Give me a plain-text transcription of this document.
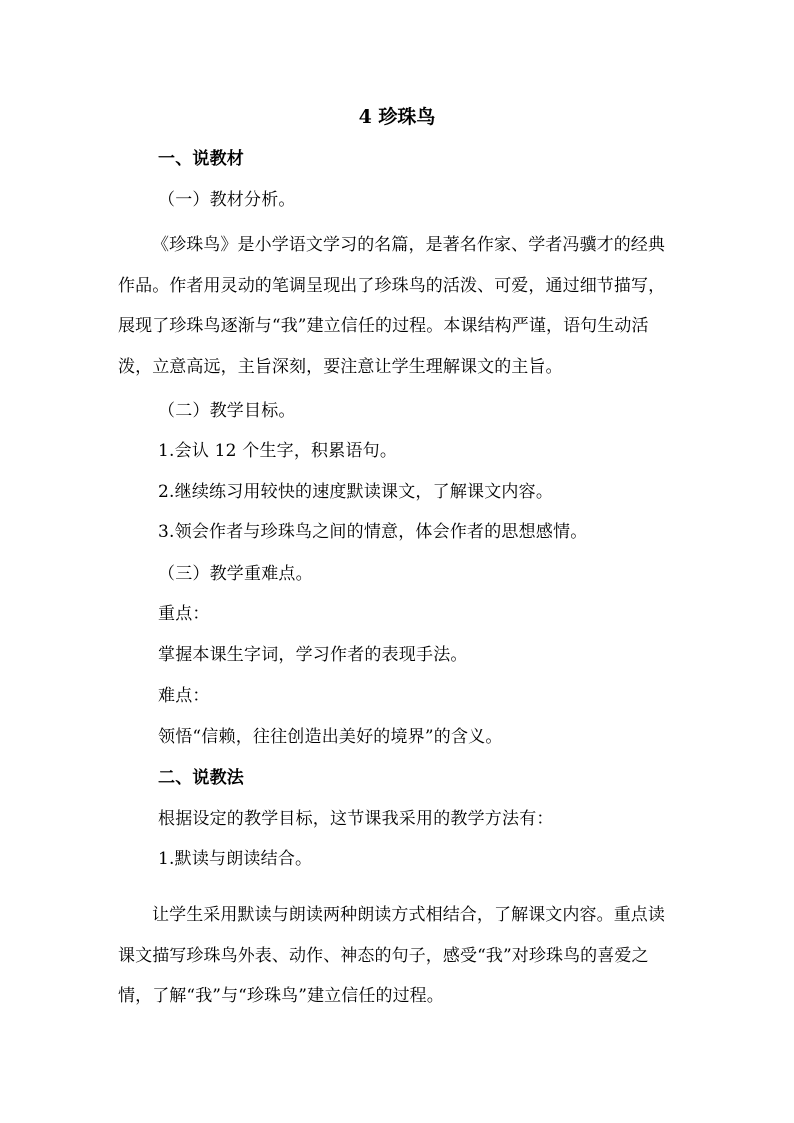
4 珍珠鸟
一、说教材
（一）教材分析。

《珍珠鸟》是小学语文学习的名篇，是著名作家、学者冯骥才的经典作品。作者用灵动的笔调呈现出了珍珠鸟的活泼、可爱，通过细节描写，展现了珍珠鸟逐渐与“我”建立信任的过程。本课结构严谨，语句生动活泼，立意高远，主旨深刻，要注意让学生理解课文的主旨。

（二）教学目标。
1.会认 12 个生字，积累语句。
2.继续练习用较快的速度默读课文，了解课文内容。
3.领会作者与珍珠鸟之间的情意，体会作者的思想感情。
（三）教学重难点。
重点：
掌握本课生字词，学习作者的表现手法。
难点：
领悟“信赖，往往创造出美好的境界”的含义。
二、说教法
根据设定的教学目标，这节课我采用的教学方法有：
1.默读与朗读结合。

让学生采用默读与朗读两种朗读方式相结合，了解课文内容。重点读课文描写珍珠鸟外表、动作、神态的句子，感受“我”对珍珠鸟的喜爱之情，了解“我”与“珍珠鸟”建立信任的过程。
